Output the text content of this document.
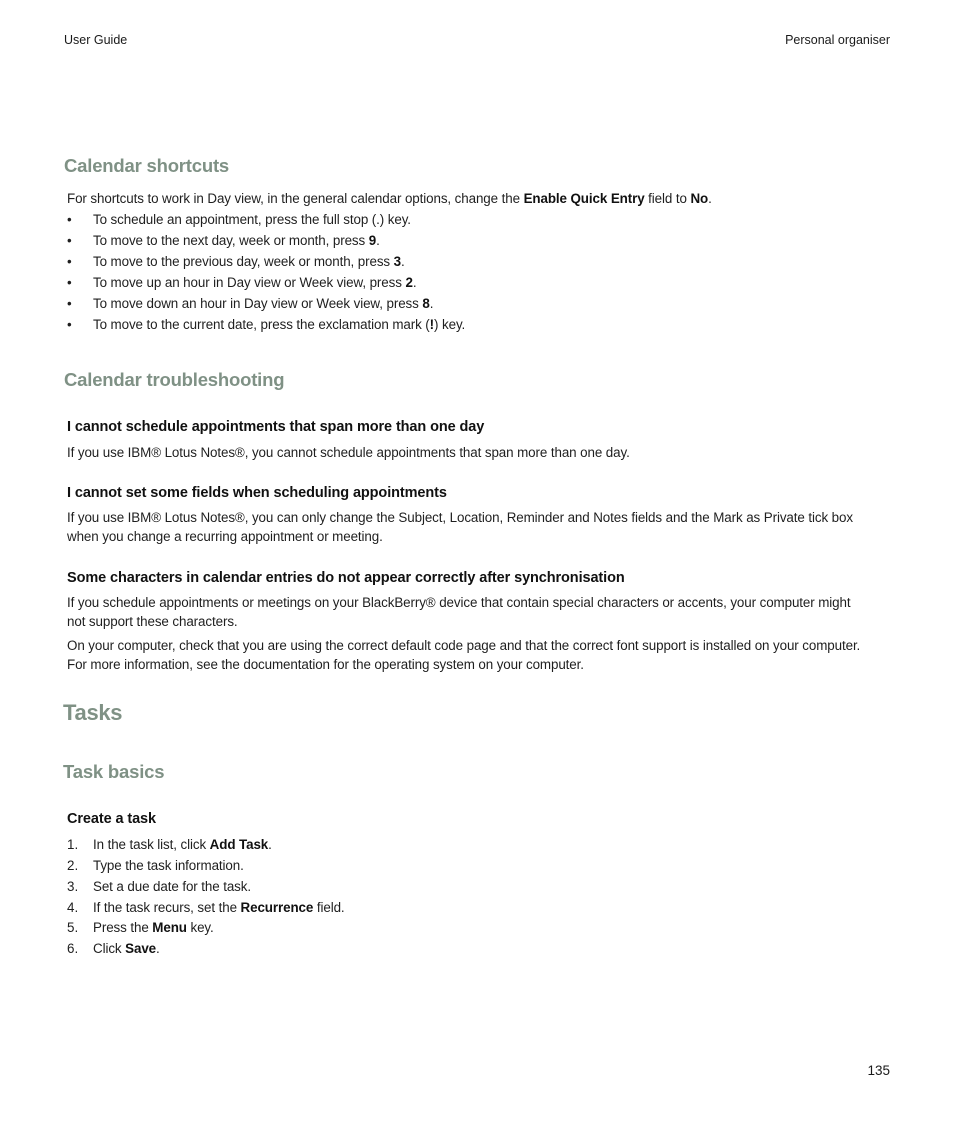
User Guide	Personal organiser
Calendar shortcuts
For shortcuts to work in Day view, in the general calendar options, change the Enable Quick Entry field to No.
• To schedule an appointment, press the full stop (.) key.
• To move to the next day, week or month, press 9.
• To move to the previous day, week or month, press 3.
• To move up an hour in Day view or Week view, press 2.
• To move down an hour in Day view or Week view, press 8.
• To move to the current date, press the exclamation mark (!) key.
Calendar troubleshooting
I cannot schedule appointments that span more than one day
If you use IBM® Lotus Notes®, you cannot schedule appointments that span more than one day.
I cannot set some fields when scheduling appointments
If you use IBM® Lotus Notes®, you can only change the Subject, Location, Reminder and Notes fields and the Mark as Private tick box
when you change a recurring appointment or meeting.
Some characters in calendar entries do not appear correctly after synchronisation
If you schedule appointments or meetings on your BlackBerry® device that contain special characters or accents, your computer might
not support these characters.
On your computer, check that you are using the correct default code page and that the correct font support is installed on your computer.
For more information, see the documentation for the operating system on your computer.
Tasks
Task basics
Create a task
1. In the task list, click Add Task.
2. Type the task information.
3. Set a due date for the task.
4. If the task recurs, set the Recurrence field.
5. Press the Menu key.
6. Click Save.
135
